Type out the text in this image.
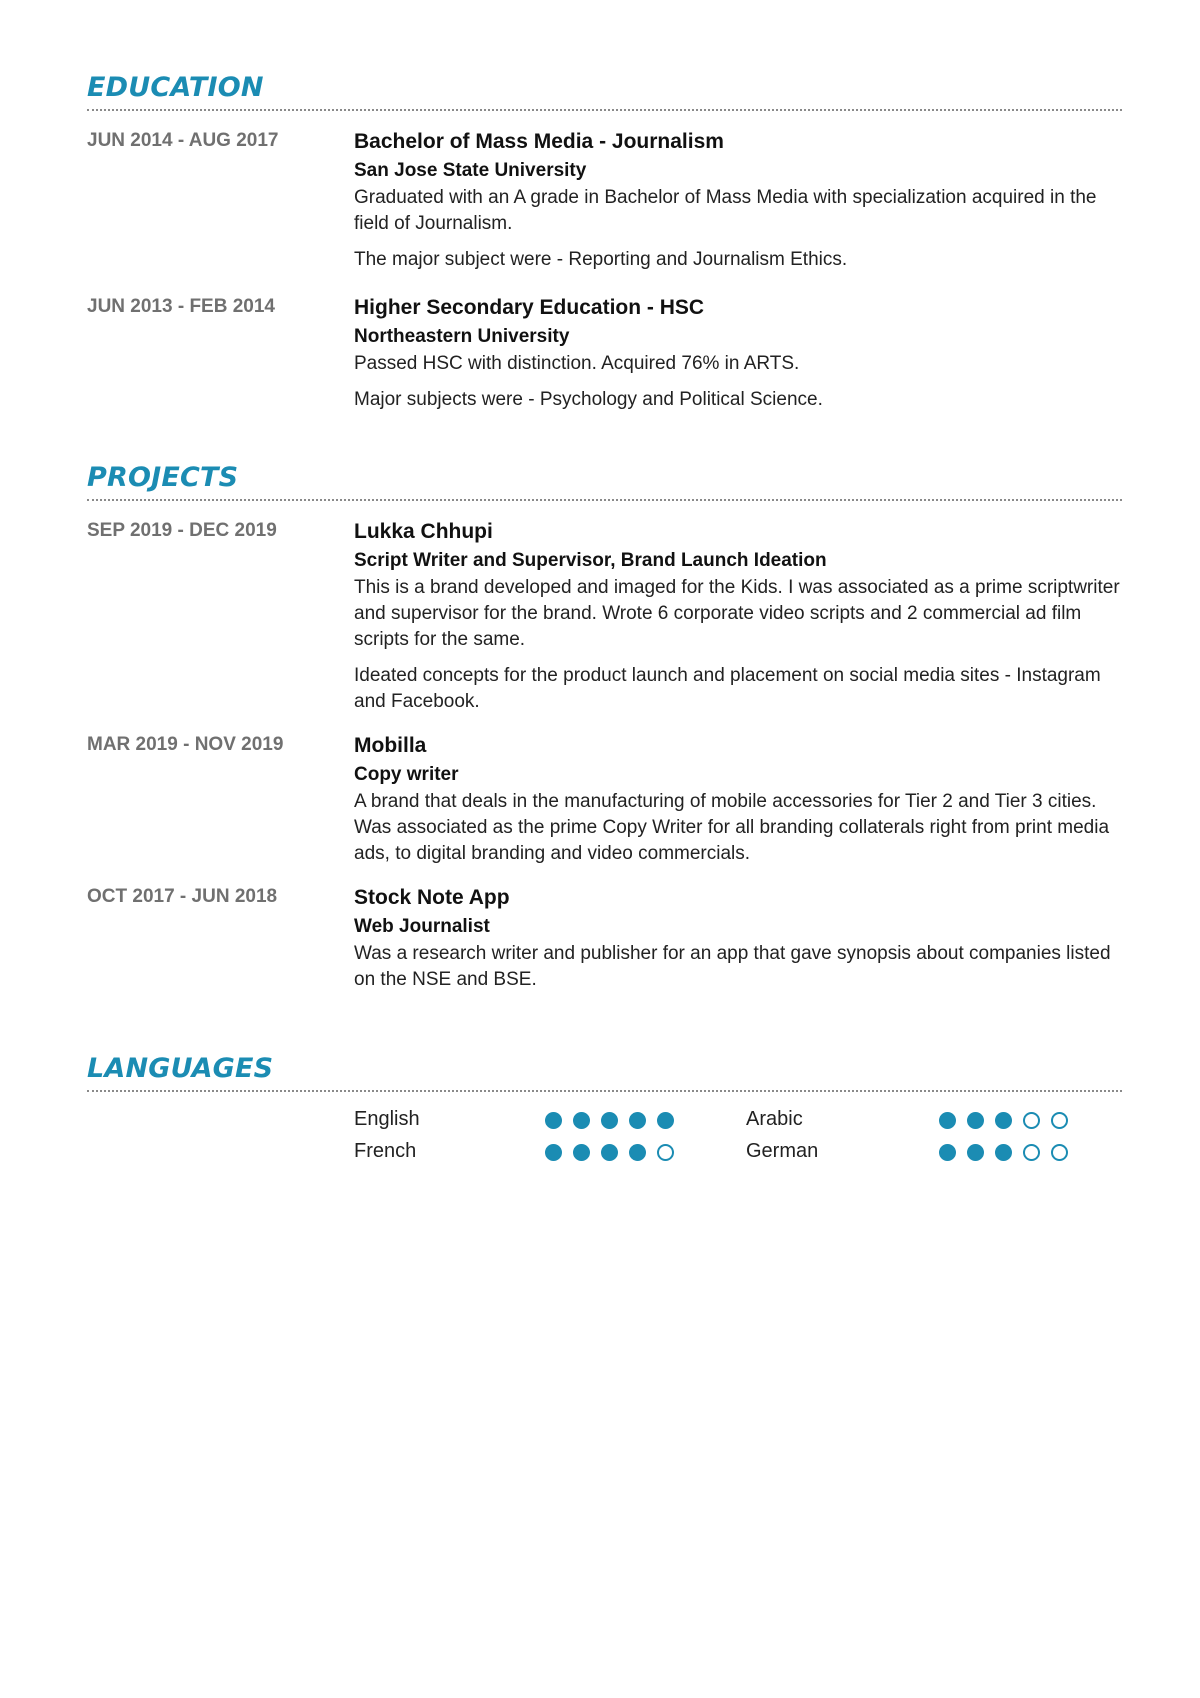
EDUCATION
JUN 2014 - AUG 2017	Bachelor of Mass Media - Journalism
San Jose State University
Graduated with an A grade in Bachelor of Mass Media with specialization acquired in the field of Journalism.
The major subject were - Reporting and Journalism Ethics.
JUN 2013 - FEB 2014	Higher Secondary Education - HSC
Northeastern University
Passed HSC with distinction. Acquired 76% in ARTS.
Major subjects were - Psychology and Political Science.
PROJECTS
SEP 2019 - DEC 2019	Lukka Chhupi
Script Writer and Supervisor, Brand Launch Ideation
This is a brand developed and imaged for the Kids. I was associated as a prime scriptwriter and supervisor for the brand. Wrote 6 corporate video scripts and 2 commercial ad film scripts for the same.
Ideated concepts for the product launch and placement on social media sites - Instagram and Facebook.
MAR 2019 - NOV 2019	Mobilla
Copy writer
A brand that deals in the manufacturing of mobile accessories for Tier 2 and Tier 3 cities. Was associated as the prime Copy Writer for all branding collaterals right from print media ads, to digital branding and video commercials.
OCT 2017 - JUN 2018	Stock Note App
Web Journalist
Was a research writer and publisher for an app that gave synopsis about companies listed on the NSE and BSE.
LANGUAGES
English	Arabic
French	German
